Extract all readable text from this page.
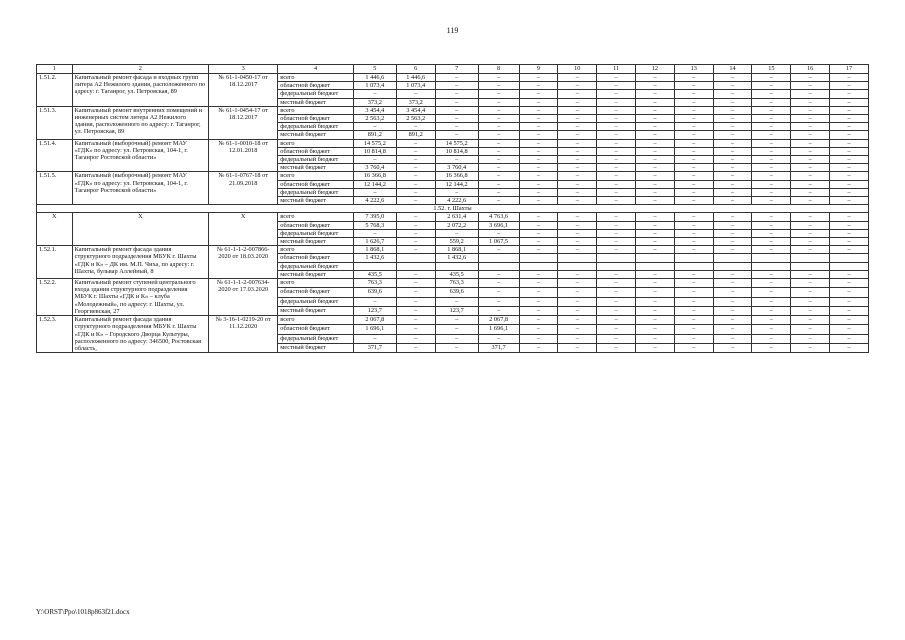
119
1	2	3	4	5	6	7	8	9	10	11	12	13	14	15	16	17
1.51.2.	Капитальный ремонт фасада и входных групп литера А2 Нежилого здания, расположенного по адресу: г. Таганрог, ул. Петровская, 89	№ 61-1-0450-17 от 18.12.2017	всего	1 446,6	1 446,6	–	–	–	–	–	–	–	–	–	–	–
			областной бюджет	1 073,4	1 073,4	–	–	–	–	–	–	–	–	–	–	–
			федеральный бюджет	–	–	–	–	–	–	–	–	–	–	–	–	–
			местный бюджет	373,2	373,2	–	–	–	–	–	–	–	–	–	–	–
1.51.3.	Капитальный ремонт внутренних помещений и инженерных систем литера А2 Нежилого здания, расположенного по адресу: г. Таганрог, ул. Петровская, 89	№ 61-1-0454-17 от 18.12.2017	всего	3 454,4	3 454,4	–	–	–	–	–	–	–	–	–	–	–
			областной бюджет	2 563,2	2 563,2	–	–	–	–	–	–	–	–	–	–	–
			федеральный бюджет	–	–	–	–	–	–	–	–	–	–	–	–	–
			местный бюджет	891,2	891,2	–	–	–	–	–	–	–	–	–	–	–
1.51.4.	Капитальный (выборочный) ремонт МАУ «ГДК» по адресу: ул. Петровская, 104-1, г. Таганрог Ростовской области»	№ 61-1-0010-18 от 12.01.2018	всего	14 575,2	–	14 575,2	–	–	–	–	–	–	–	–	–	–
			областной бюджет	10 814,8	–	10 814,8	–	–	–	–	–	–	–	–	–	–
			федеральный бюджет	–	–	–	–	–	–	–	–	–	–	–	–	–
			местный бюджет	3 760,4	–	3 760,4	–	–	–	–	–	–	–	–	–	–
1.51.5.	Капитальный (выборочный) ремонт МАУ «ГДК» по адресу: ул. Петровская, 104-1, г. Таганрог Ростовской области»	№ 61-1-0767-18 от 21.09.2018	всего	16 366,8	–	16 366,8	–	–	–	–	–	–	–	–	–	–
			областной бюджет	12 144,2	–	12 144,2	–	–	–	–	–	–	–	–	–	–
			федеральный бюджет	–	–	–	–	–	–	–	–	–	–	–	–	–
			местный бюджет	4 222,6	–	4 222,6	–	–	–	–	–	–	–	–	–	–
1.52. г. Шахты																
Х	Х	Х	всего	7 395,0	–	2 631,4	4 763,6	–	–	–	–	–	–	–	–	–
			областной бюджет	5 768,3	–	2 072,2	3 696,1	–	–	–	–	–	–	–	–	–
			федеральный бюджет	–	–	–	–	–	–	–	–	–	–	–	–	–
			местный бюджет	1 626,7	–	559,2	1 067,5	–	–	–	–	–	–	–	–	–
1.52.1.	Капитальный ремонт фасада здания структурного подразделения МБУК г. Шахты «ГДК и К» – ДК им. М.П. Чиха, по адресу: г. Шахты, бульвар Аллейный, 8	№ 61-1-1-2-007866-2020 от 18.03.2020	всего	1 868,1	–	1 868,1	–	–	–	–	–	–	–	–	–	–
			областной бюджет	1 432,6		1 432,6										
			федеральный бюджет													
			местный бюджет	435,5	–	435,5	–	–	–	–	–	–	–	–	–	–
1.52.2.	Капитальный ремонт ступеней центрального входа здания структурного подразделения МБУК г. Шахты «ГДК и К» – клуба «Молодежный», по адресу: г. Шахты, ул. Георгиевская, 27	№ 61-1-1-2-007634-2020 от 17.03.2020	всего	763,3	–	763,3	–	–	–	–	–	–	–	–	–	–
			областной бюджет	639,6	–	639,6	–	–	–	–	–	–	–	–	–	–
			федеральный бюджет	–	–	–	–	–	–	–	–	–	–	–	–	–
			местный бюджет	123,7	–	123,7	–	–	–	–	–	–	–	–	–	–
1.52.3.	Капитальный ремонт фасада здания структурного подразделения МБУК г. Шахты «ГДК и К» – Городского Дворца Культуры, расположенного по адресу: 346500, Ростовская область,	№ 3-16-1-0219-20 от 11.12.2020	всего	2 067,8	–	–	2 067,8	–	–	–	–	–	–	–	–	–
			областной бюджет	1 696,1	–	–	1 696,1	–	–	–	–	–	–	–	–	–
			федеральный бюджет	–	–	–	–	–	–	–	–	–	–	–	–	–
			местный бюджет	371,7	–	–	371,7	–	–	–	–	–	–	–	–	–
Y:\ORST\Ppo\1018p863f21.docx
